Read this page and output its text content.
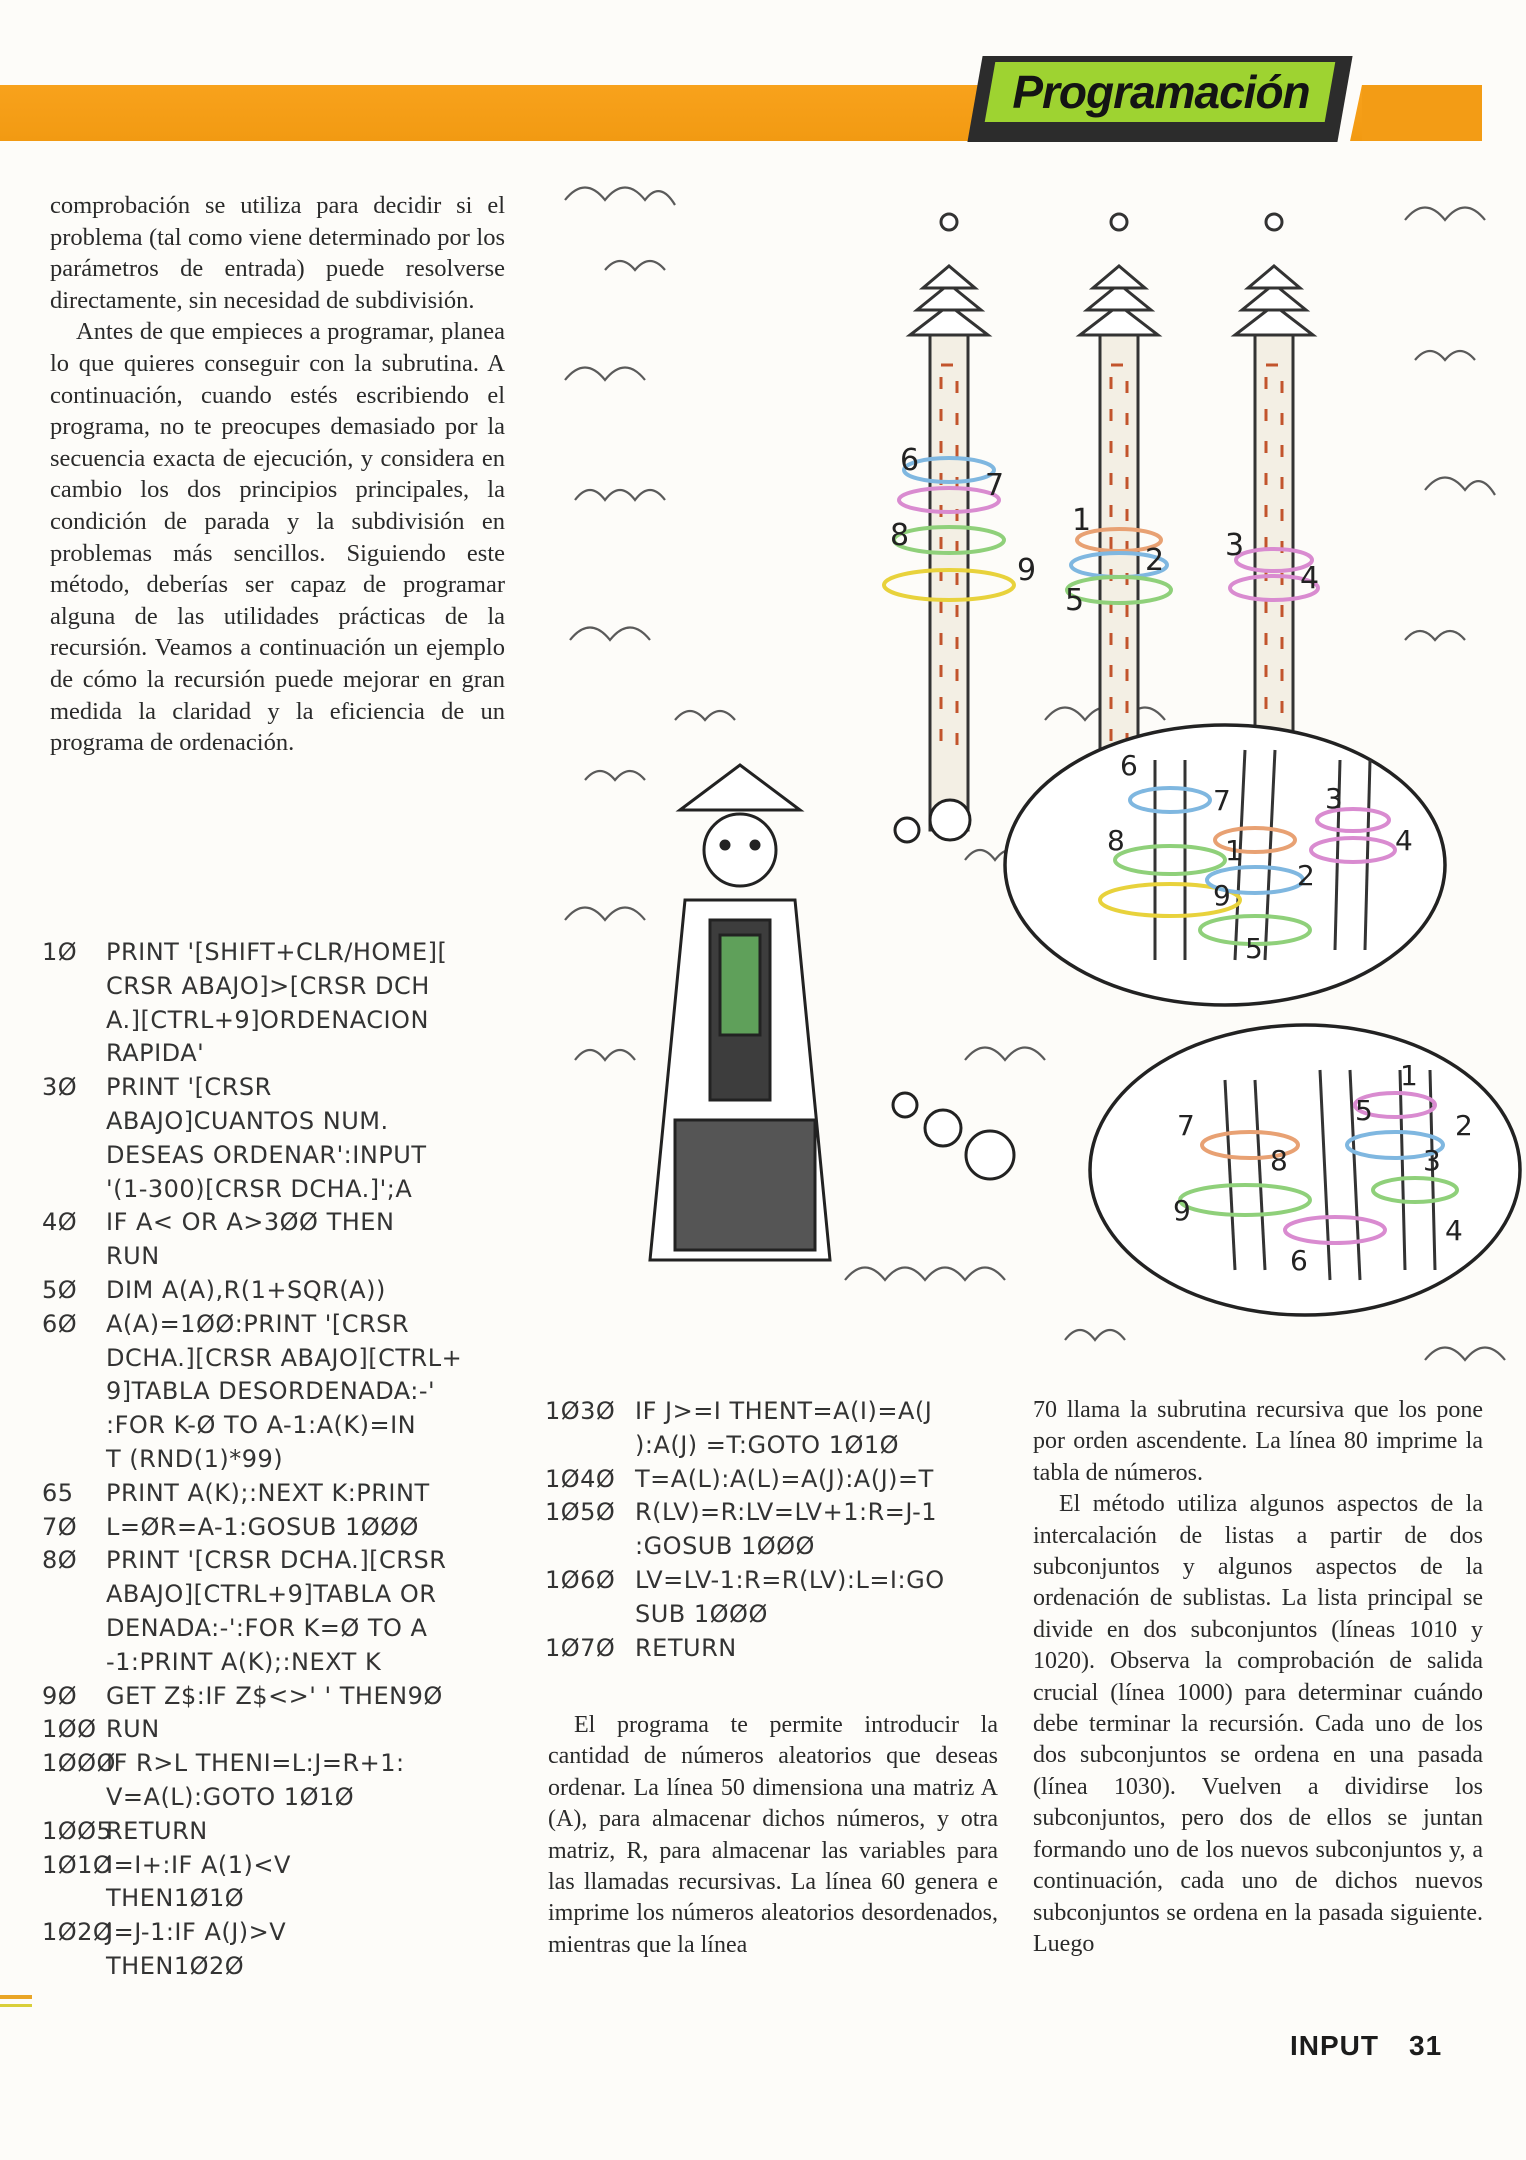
Programación

comprobación se utiliza para decidir si el problema (tal como viene determinado por los parámetros de entrada) puede resolverse directamente, sin necesidad de subdivisión.

Antes de que empieces a programar, planea lo que quieres conseguir con la subrutina. A continuación, cuando estés escribiendo el programa, no te preocupes demasiado por la secuencia exacta de ejecución, y considera en cambio los dos principios principales, la condición de parada y la subdivisión en problemas más sencillos. Siguiendo este método, deberías ser capaz de programar alguna de las utilidades prácticas de la recursión. Veamos a continuación un ejemplo de cómo la recursión puede mejorar en gran medida la claridad y la eficiencia de un programa de ordenación.

1Ø	PRINT '[SHIFT+CLR/HOME][
CRSR ABAJO]>[CRSR DCH
A.][CTRL+9]ORDENACION
RAPIDA'
3Ø	PRINT '[CRSR
ABAJO]CUANTOS NUM.
DESEAS ORDENAR':INPUT
'(1-300)[CRSR DCHA.]';A
4Ø	IF A< OR A>3ØØ THEN
RUN
5Ø	DIM A(A),R(1+SQR(A))
6Ø	A(A)=1ØØ:PRINT '[CRSR
DCHA.][CRSR ABAJO][CTRL+
9]TABLA DESORDENADA:-'
:FOR K-Ø TO A-1:A(K)=IN
T (RND(1)*99)
65	PRINT A(K);:NEXT K:PRINT
7Ø	L=ØR=A-1:GOSUB 1ØØØ
8Ø	PRINT '[CRSR DCHA.][CRSR
ABAJO][CTRL+9]TABLA OR
DENADA:-':FOR K=Ø TO A
-1:PRINT A(K);:NEXT K
9Ø	GET Z$:IF Z$<>' ' THEN9Ø
1ØØ RUN
1ØØØ
IF R>L THENI=L:J=R+1:
V=A(L):GOTO 1Ø1Ø
1ØØ5
RETURN
1Ø1Ø
I=I+:IF A(1)<V
THEN1Ø1Ø
1Ø2Ø
J=J-1:IF A(J)>V
THEN1Ø2Ø
1Ø3Ø IF J>=I THENT=A(I)=A(J
):A(J) =T:GOTO 1Ø1Ø
1Ø4Ø T=A(L):A(L)=A(J):A(J)=T
1Ø5Ø R(LV)=R:LV=LV+1:R=J-1
:GOSUB 1ØØØ
1Ø6Ø LV=LV-1:R=R(LV):L=I:GO
SUB 1ØØØ
1Ø7Ø RETURN

El programa te permite introducir la cantidad de números aleatorios que deseas ordenar. La línea 50 dimensiona una matriz A (A), para almacenar dichos números, y otra matriz, R, para almacenar las variables para las llamadas recursivas. La línea 60 genera e imprime los números aleatorios desordenados, mientras que la línea

70 llama la subrutina recursiva que los pone por orden ascendente. La línea 80 imprime la tabla de números.

El método utiliza algunos aspectos de la intercalación de listas a partir de dos subconjuntos y algunos aspectos de la ordenación de sublistas. La lista principal se divide en dos subconjuntos (líneas 1010 y 1020). Observa la comprobación de salida crucial (línea 1000) para determinar cuándo debe terminar la recursión. Cada uno de los dos subconjuntos se ordena en una pasada (línea 1030). Vuelven a dividirse los subconjuntos, pero dos de ellos se juntan formando uno de los nuevos subconjuntos y, a continuación, cada uno de dichos nuevos subconjuntos se ordena en la pasada siguiente. Luego

6
7
8
9
1
2
5
3
4
6
7
8
9
1
2
3
4
5
1
2
5
7
8	3
9
6
4
INPUT 31
